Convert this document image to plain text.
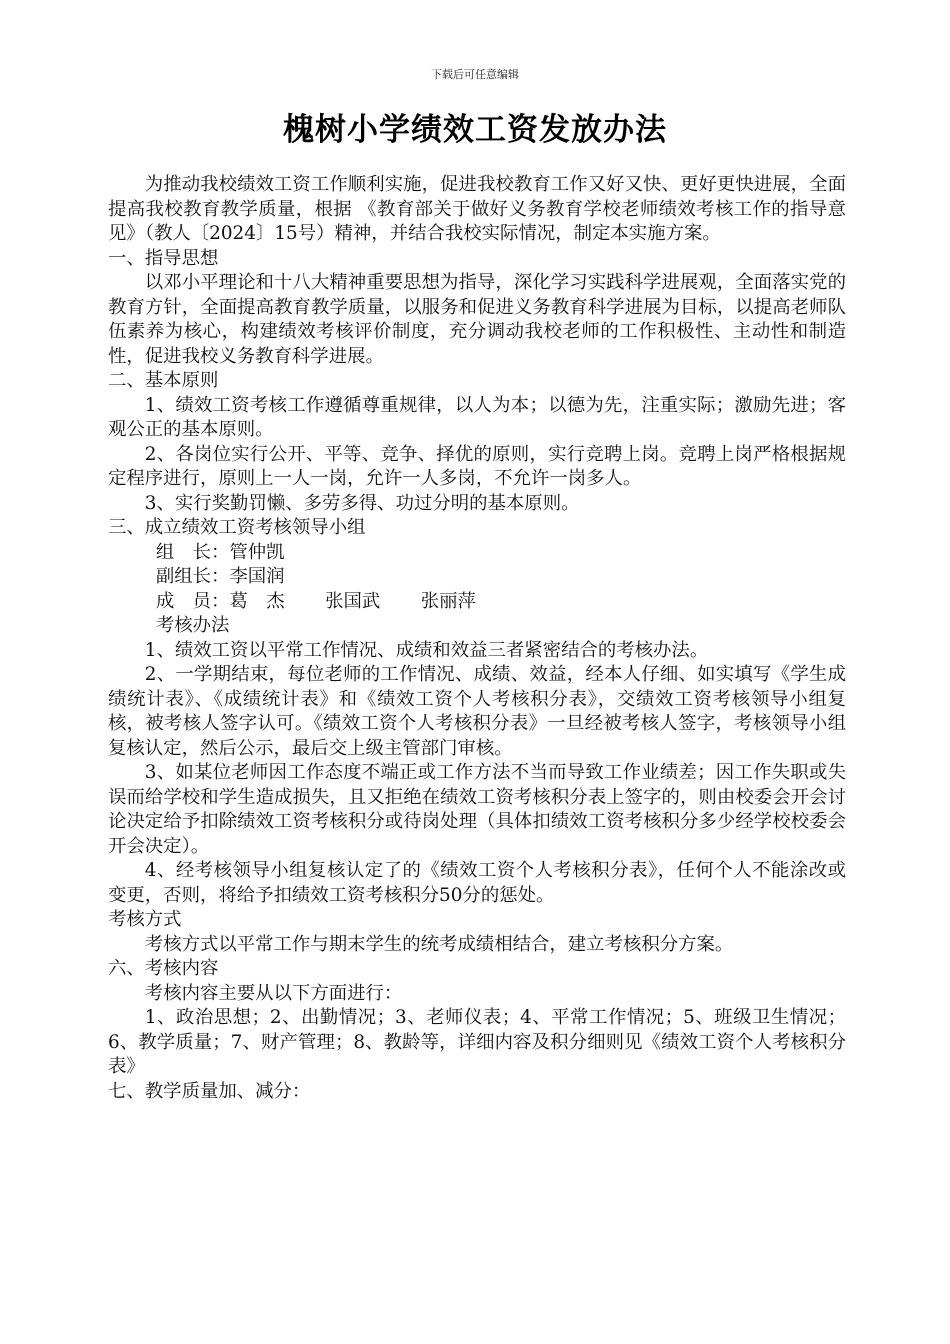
下载后可任意编辑
槐树小学绩效工资发放办法

为推动我校绩效工资工作顺利实施，促进我校教育工作又好又快、更好更快进展，全面提高我校教育教学质量，根据 《教育部关于做好义务教育学校老师绩效考核工作的指导意见》（教人〔2024〕15号）精神，并结合我校实际情况，制定本实施方案。

一、指导思想

以邓小平理论和十八大精神重要思想为指导，深化学习实践科学进展观，全面落实党的教育方针，全面提高教育教学质量，以服务和促进义务教育科学进展为目标，以提高老师队伍素养为核心，构建绩效考核评价制度，充分调动我校老师的工作积极性、主动性和制造性，促进我校义务教育科学进展。

二、基本原则

1、绩效工资考核工作遵循尊重规律，以人为本；以德为先，注重实际；激励先进；客观公正的基本原则。

2、各岗位实行公开、平等、竞争、择优的原则，实行竞聘上岗。竞聘上岗严格根据规定程序进行，原则上一人一岗，允许一人多岗，不允许一岗多人。

3、实行奖勤罚懒、多劳多得、功过分明的基本原则。

三、成立绩效工资考核领导小组

组　长：管仲凯

副组长：李国润

成　员：葛　杰 张国武 张丽萍

考核办法

1、绩效工资以平常工作情况、成绩和效益三者紧密结合的考核办法。

2、一学期结束，每位老师的工作情况、成绩、效益，经本人仔细、如实填写《学生成绩统计表》、《成绩统计表》和《绩效工资个人考核积分表》，交绩效工资考核领导小组复核，被考核人签字认可。《绩效工资个人考核积分表》一旦经被考核人签字，考核领导小组复核认定，然后公示，最后交上级主管部门审核。

3、如某位老师因工作态度不端正或工作方法不当而导致工作业绩差；因工作失职或失误而给学校和学生造成损失，且又拒绝在绩效工资考核积分表上签字的，则由校委会开会讨论决定给予扣除绩效工资考核积分或待岗处理（具体扣绩效工资考核积分多少经学校校委会开会决定）。

4、经考核领导小组复核认定了的《绩效工资个人考核积分表》，任何个人不能涂改或变更，否则，将给予扣绩效工资考核积分50分的惩处。

考核方式

考核方式以平常工作与期末学生的统考成绩相结合，建立考核积分方案。

六、考核内容

考核内容主要从以下方面进行：

1、政治思想；2、出勤情况；3、老师仪表；4、平常工作情况；5、班级卫生情况；6、教学质量；7、财产管理；8、教龄等，详细内容及积分细则见《绩效工资个人考核积分表》

七、教学质量加、减分：
